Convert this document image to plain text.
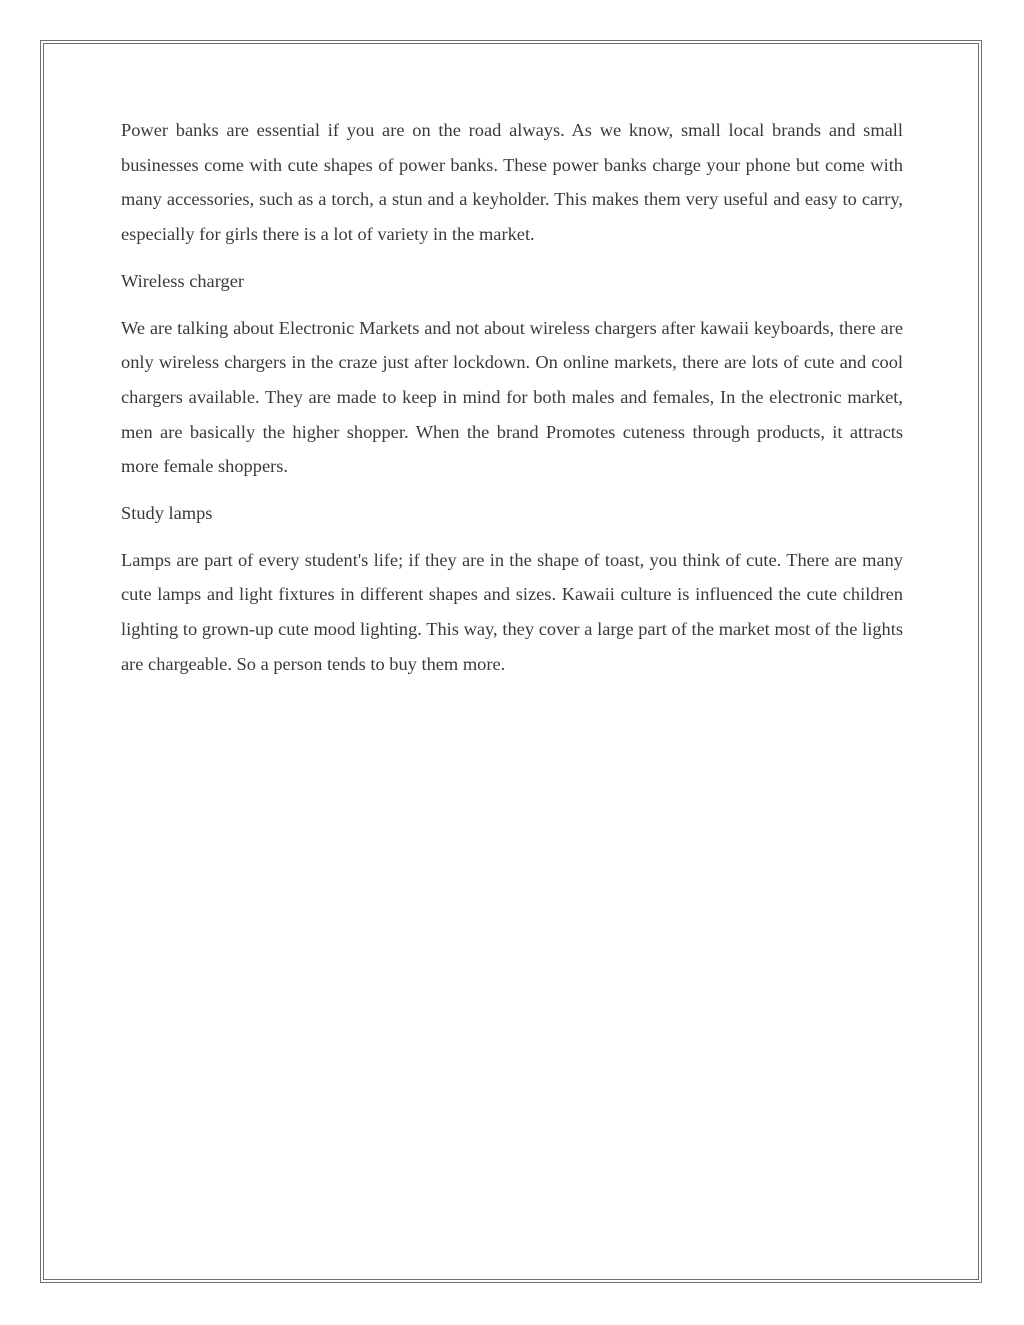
Power banks are essential if you are on the road always. As we know, small local brands and small businesses come with cute shapes of power banks. These power banks charge your phone but come with many accessories, such as a torch, a stun and a keyholder. This makes them very useful and easy to carry, especially for girls there is a lot of variety in the market.

Wireless charger

We are talking about Electronic Markets and not about wireless chargers after kawaii keyboards, there are only wireless chargers in the craze just after lockdown. On online markets, there are lots of cute and cool chargers available. They are made to keep in mind for both males and females, In the electronic market, men are basically the higher shopper. When the brand Promotes cuteness through products, it attracts more female shoppers.

Study lamps

Lamps are part of every student's life; if they are in the shape of toast, you think of cute. There are many cute lamps and light fixtures in different shapes and sizes. Kawaii culture is influenced the cute children lighting to grown-up cute mood lighting. This way, they cover a large part of the market most of the lights are chargeable. So a person tends to buy them more.
